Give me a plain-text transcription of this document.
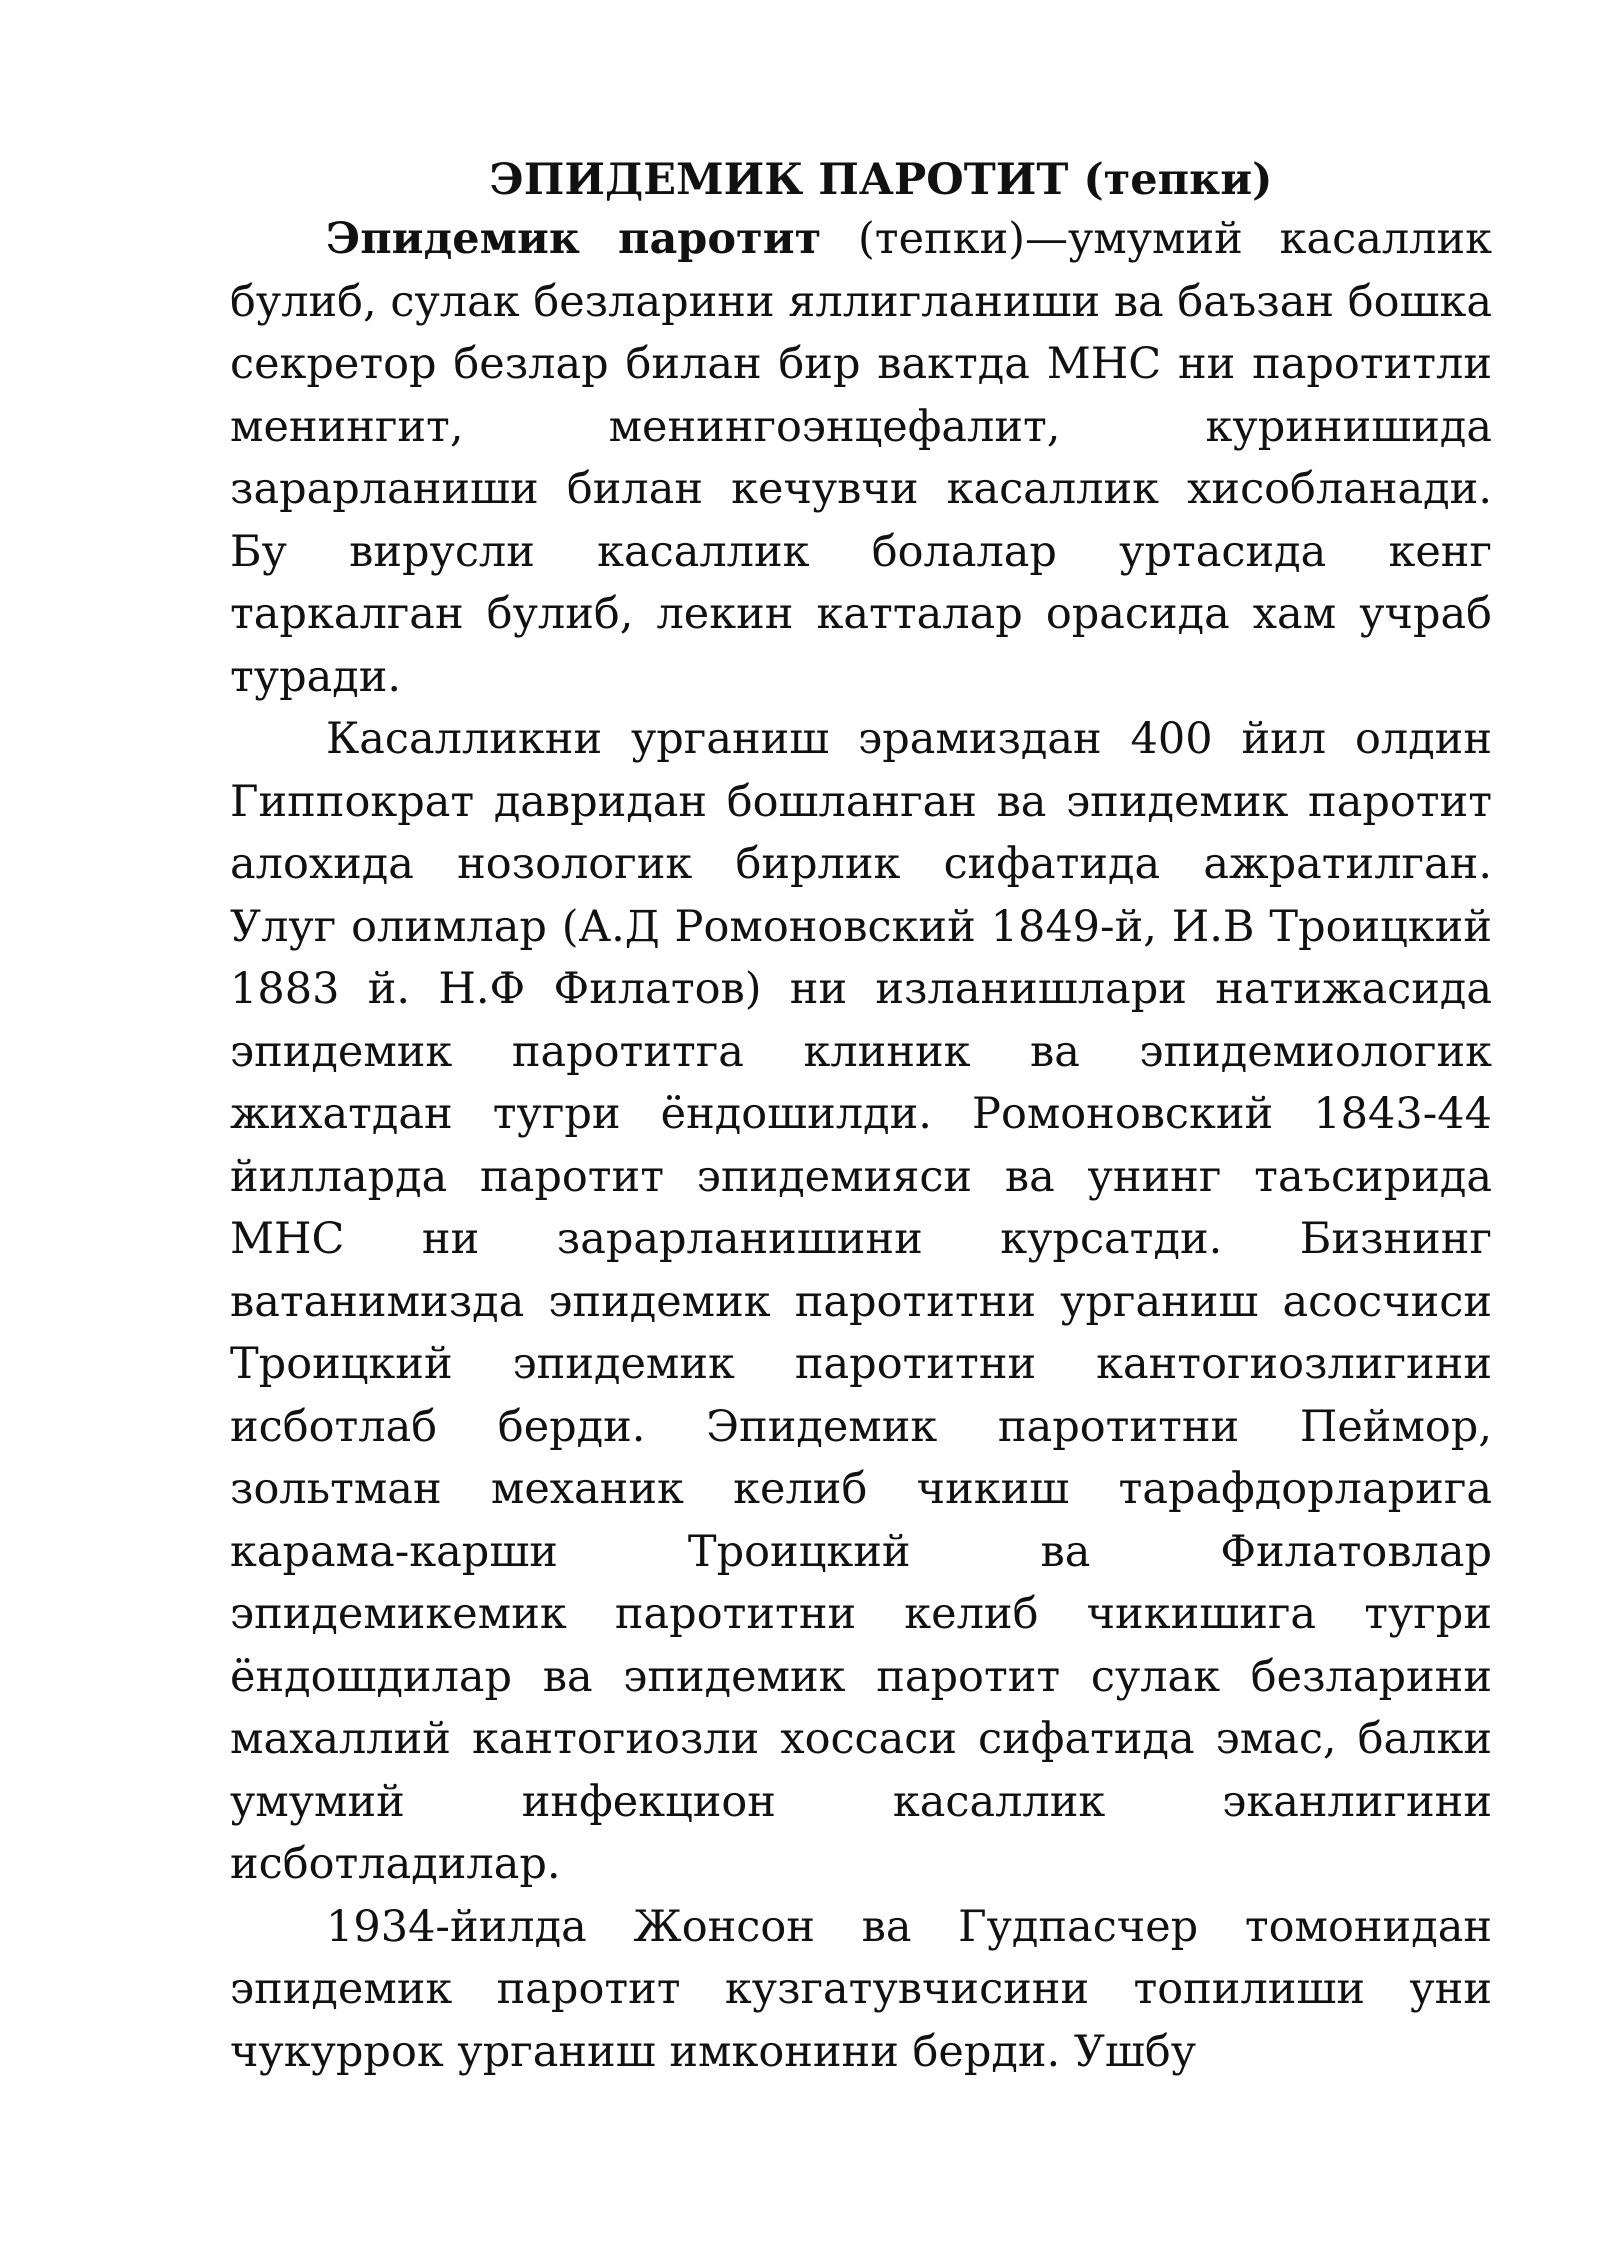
ЭПИДЕМИК ПАРОТИТ (тепки)

Эпидемик паротит (тепки)—умумий касаллик булиб, сулак безларини яллигланиши ва баъзан бошка секретор безлар билан бир вактда МНС ни паротитли менингит, менингоэнцефалит, куринишида зарарланиши билан кечувчи касаллик хисобланади. Бу вирусли касаллик болалар уртасида кенг таркалган булиб, лекин катталар орасида хам учраб туради.

Касалликни урганиш эрамиздан 400 йил олдин Гиппократ давридан бошланган ва эпидемик паротит алохида нозологик бирлик сифатида ажратилган. Улуг олимлар (А.Д Ромоновский 1849-й, И.В Троицкий 1883 й. Н.Ф Филатов) ни изланишлари натижасида эпидемик паротитга клиник ва эпидемиологик жихатдан тугри ёндошилди. Ромоновский 1843-44 йилларда паротит эпидемияси ва унинг таъсирида МНС ни зарарланишини курсатди. Бизнинг ватанимизда эпидемик паротитни урганиш асосчиси Троицкий эпидемик паротитни кантогиозлигини исботлаб берди. Эпидемик паротитни Пеймор, зольтман механик келиб чикиш тарафдорларига карама-карши Троицкий ва Филатовлар эпидемикемик паротитни келиб чикишига тугри ёндошдилар ва эпидемик паротит сулак безларини махаллий кантогиозли хоссаси сифатида эмас, балки умумий инфекцион касаллик эканлигини исботладилар.

1934-йилда Жонсон ва Гудпасчер томонидан эпидемик паротит кузгатувчисини топилиши уни чукуррок урганиш имконини берди. Ушбу
